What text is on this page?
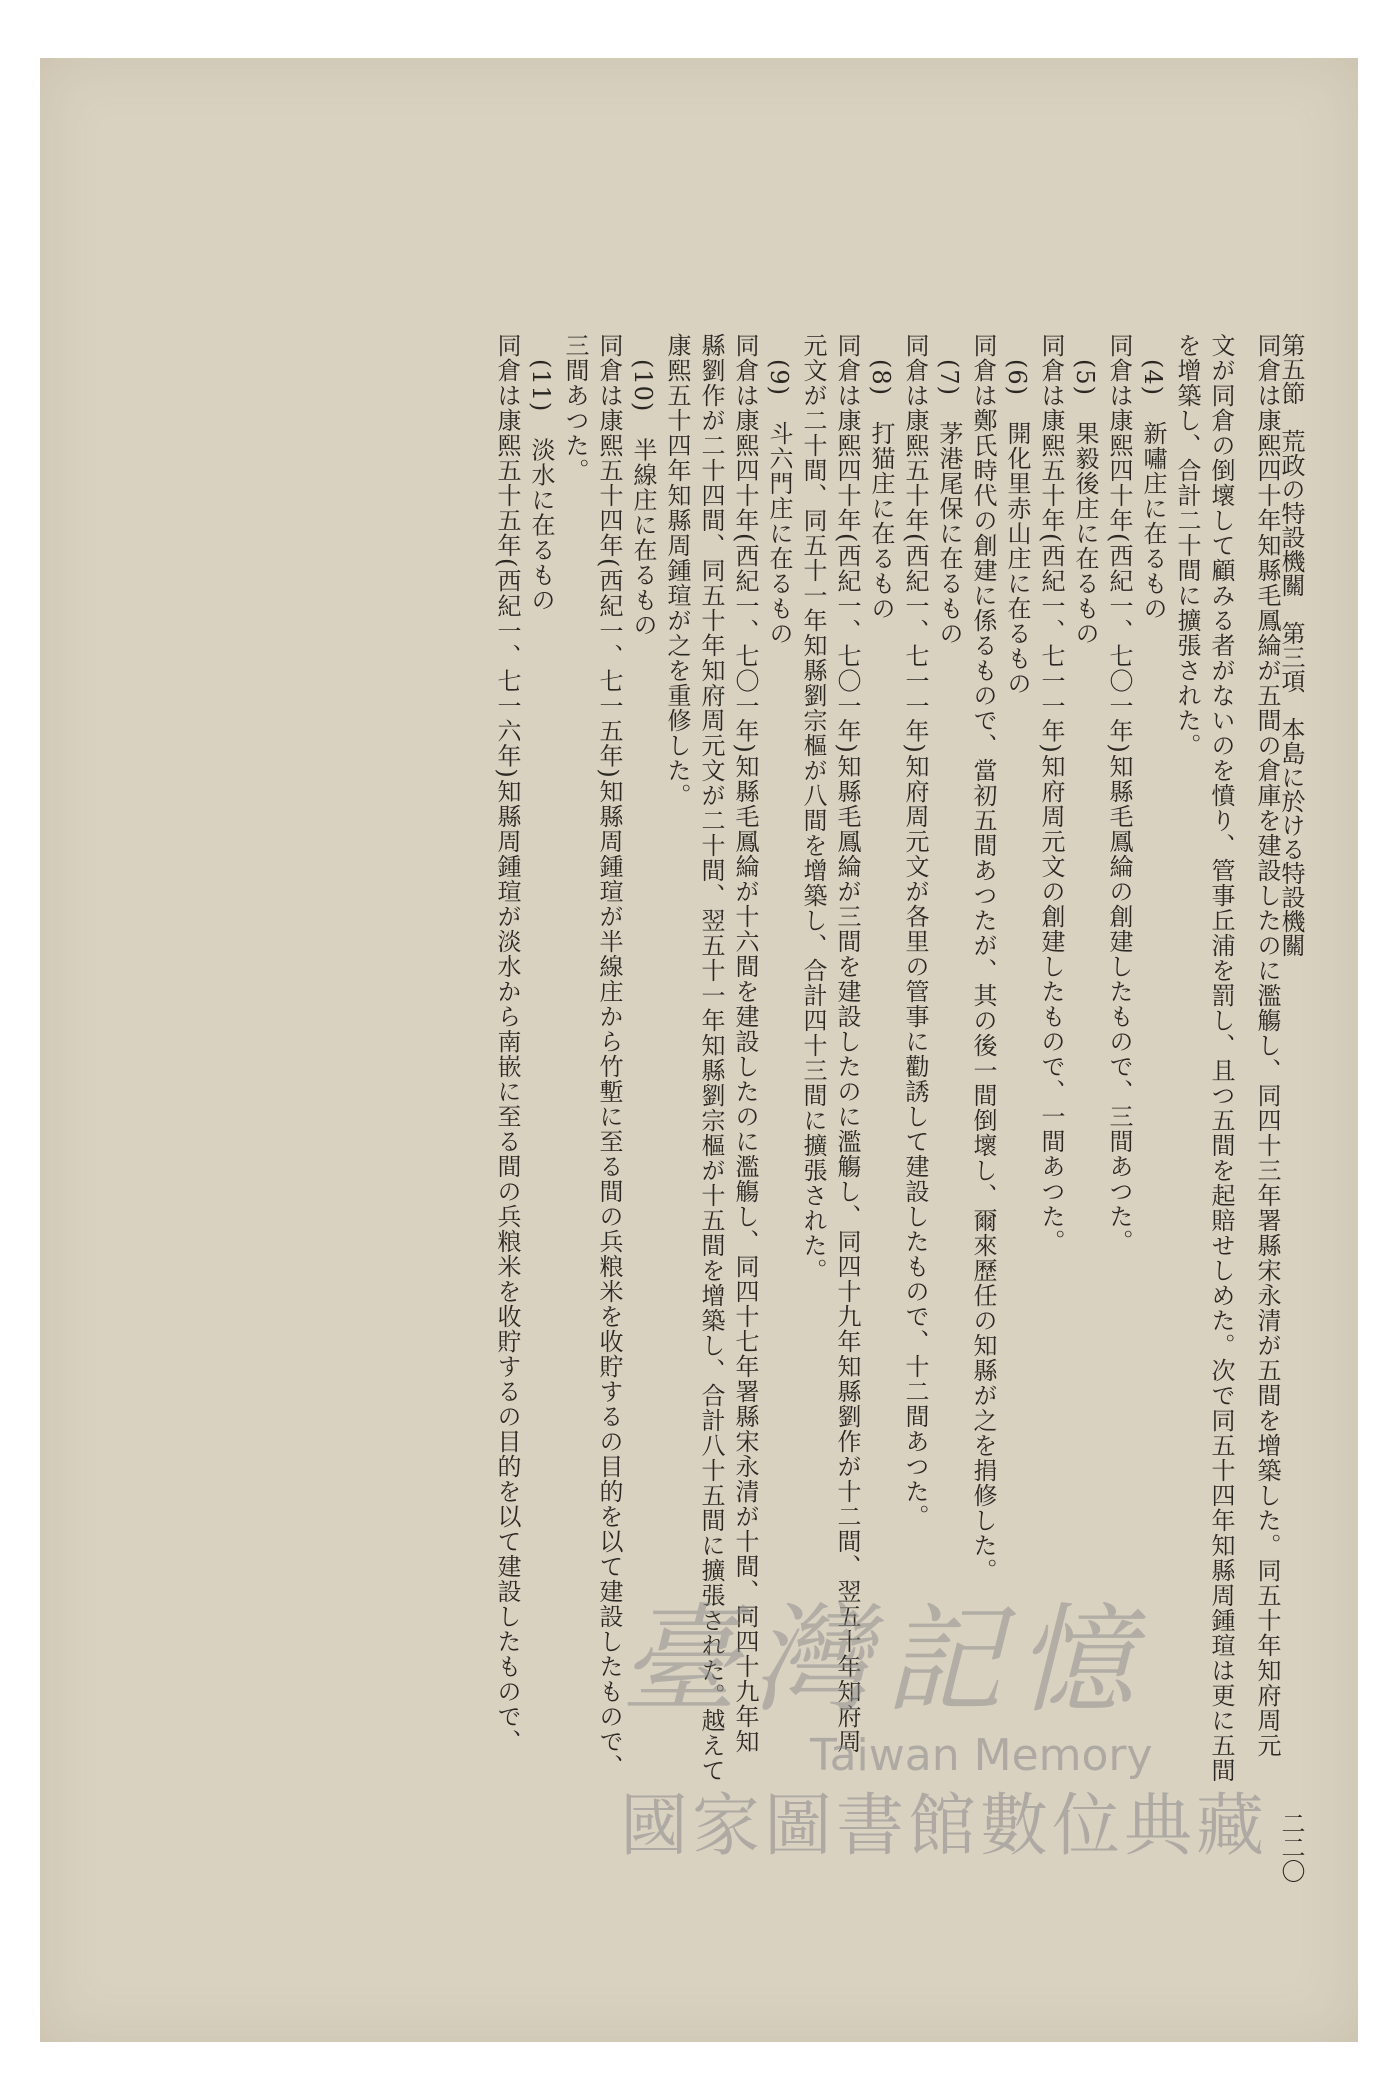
第五節　荒政の特設機關　第三項　本島に於ける特設機關
二二〇
同倉は康熙四十年知縣毛鳳綸が五間の倉庫を建設したのに濫觴し、同四十三年署縣宋永清が五間を增築した。同五十年知府周元
文が同倉の倒壞して顧みる者がないのを憤り、管事丘浦を罰し、且つ五間を起賠せしめた。次で同五十四年知縣周鍾瑄は更に五間
を增築し、合計二十間に擴張された。
(4)　新嘯庄に在るもの
同倉は康熙四十年(西紀一、七〇一年)知縣毛鳳綸の創建したもので、三間あつた。
(5)　果毅後庄に在るもの
同倉は康熙五十年(西紀一、七一一年)知府周元文の創建したもので、一間あつた。
(6)　開化里赤山庄に在るもの
同倉は鄭氏時代の創建に係るもので、當初五間あつたが、其の後一間倒壞し、爾來歷任の知縣が之を捐修した。
(7)　茅港尾保に在るもの
同倉は康熙五十年(西紀一、七一一年)知府周元文が各里の管事に勸誘して建設したもので、十二間あつた。
(8)　打猫庄に在るもの
同倉は康熙四十年(西紀一、七〇一年)知縣毛鳳綸が三間を建設したのに濫觴し、同四十九年知縣劉作が十二間、翌五十年知府周
元文が二十間、同五十一年知縣劉宗樞が八間を增築し、合計四十三間に擴張された。
(9)　斗六門庄に在るもの
同倉は康熙四十年(西紀一、七〇一年)知縣毛鳳綸が十六間を建設したのに濫觴し、同四十七年署縣宋永清が十間、同四十九年知
縣劉作が二十四間、同五十年知府周元文が二十間、翌五十一年知縣劉宗樞が十五間を增築し、合計八十五間に擴張された。越えて
康熙五十四年知縣周鍾瑄が之を重修した。
(10)　半線庄に在るもの
同倉は康熙五十四年(西紀一、七一五年)知縣周鍾瑄が半線庄から竹塹に至る間の兵粮米を收貯するの目的を以て建設したもので、
三間あつた。
(11)　淡水に在るもの
同倉は康熙五十五年(西紀一、七一六年)知縣周鍾瑄が淡水から南嵌に至る間の兵粮米を收貯するの目的を以て建設したもので、 臺灣記憶
Taiwan Memory
國家圖書館數位典藏
